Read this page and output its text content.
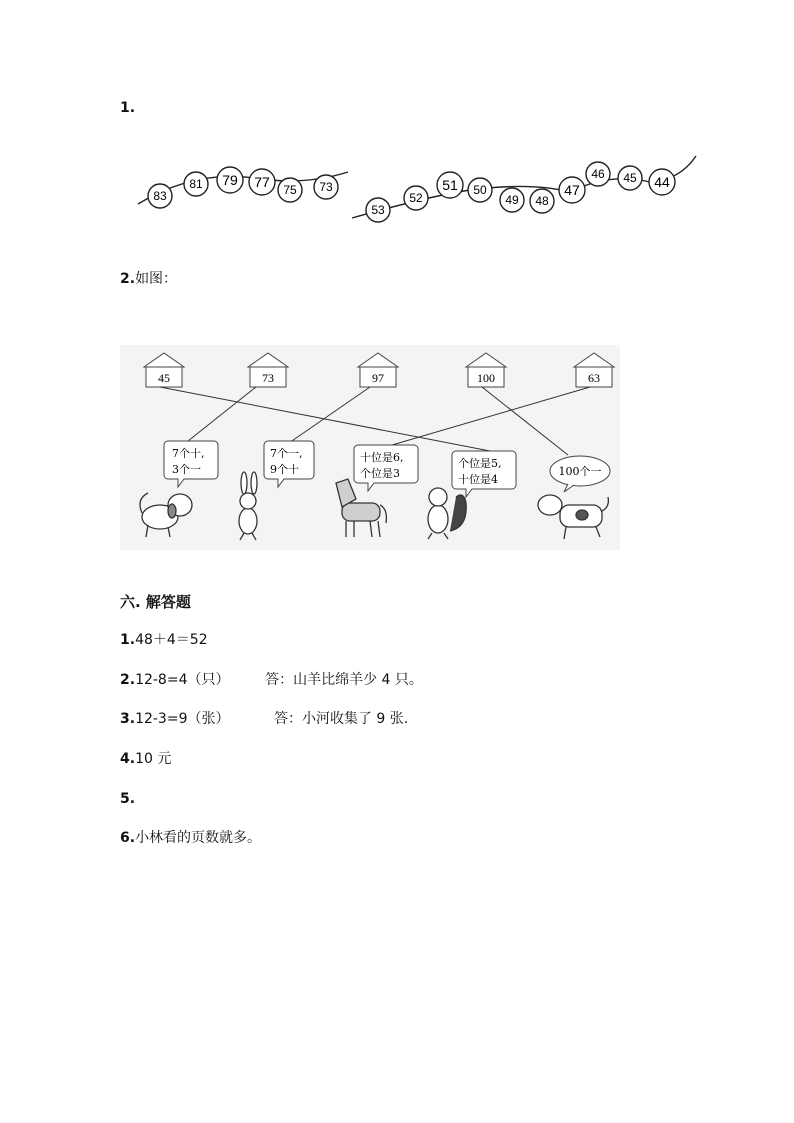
1.
83
81 79 77 75 73
53
52
51 50
49 48
47
46 45 44
2.如图：
45	73	97	100	63
7个十,
3个一
7个一,
9个十
十位是6,
个位是3
个位是5,
十位是4
100个一
六. 解答题
1.48＋4＝52
2.12-8=4（只）        答：山羊比绵羊少 4 只。
3.12-3=9（张）          答：小河收集了 9 张.
4.10 元
5.
6.小林看的页数就多。
